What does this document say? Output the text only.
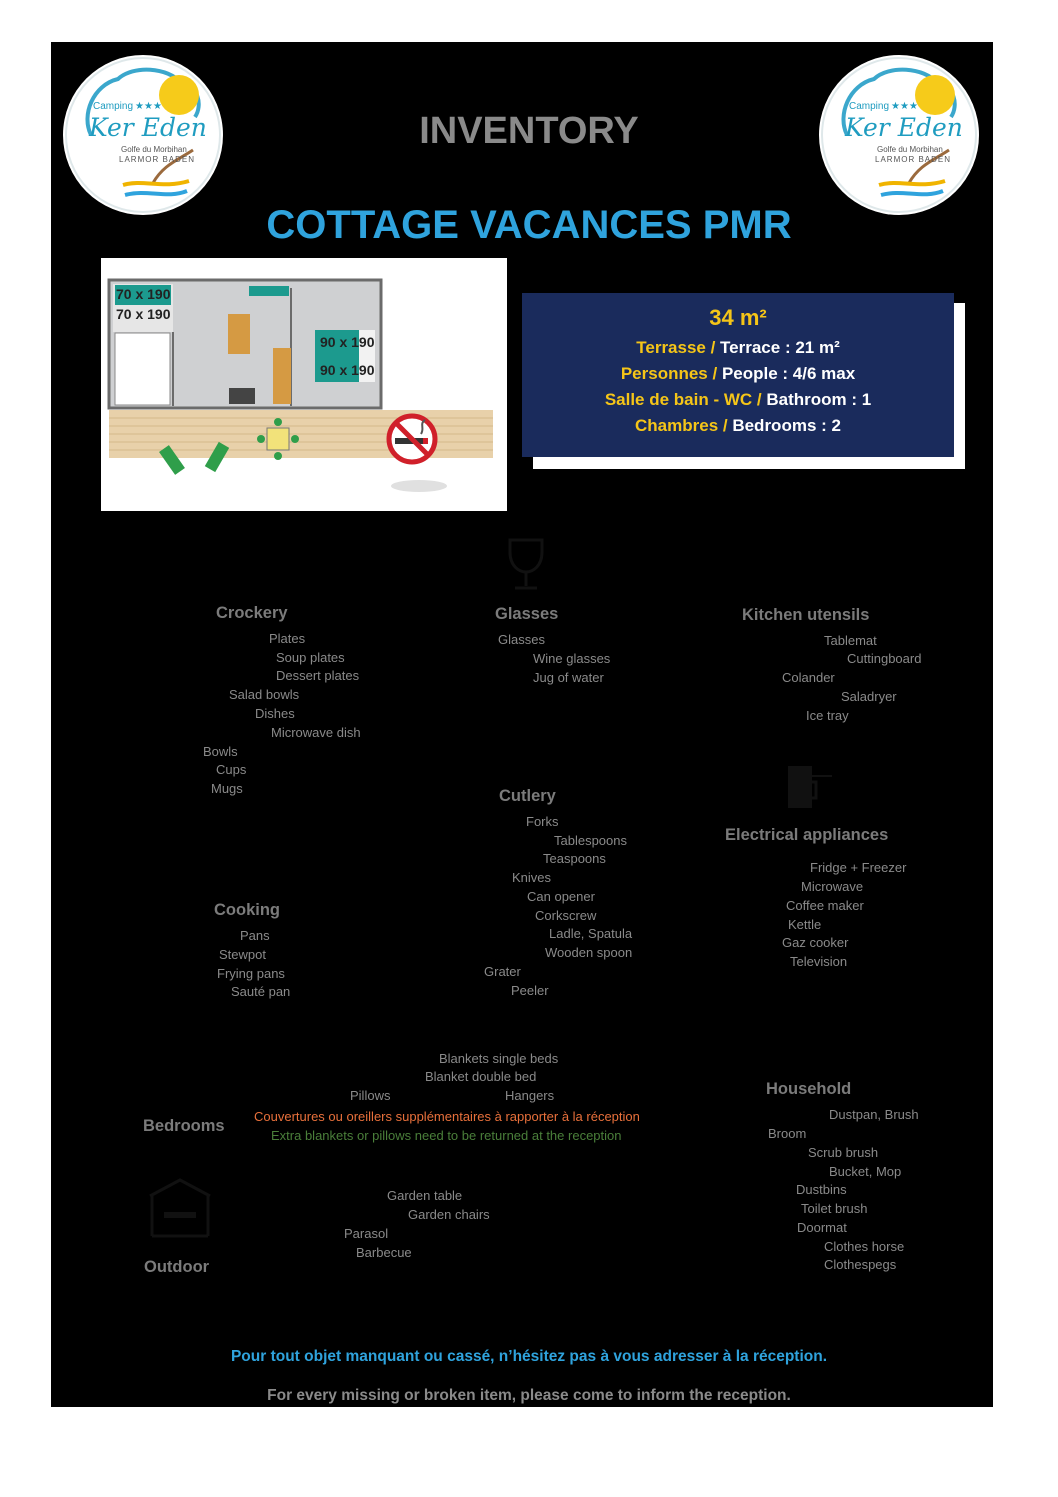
Camping ★★★
Ker Eden
Golfe du Morbihan
LARMOR BADEN
Camping ★★★
Ker Eden
Golfe du Morbihan
LARMOR BADEN
INVENTORY
COTTAGE VACANCES PMR
70 x 190
70 x 190
90 x 190
90 x 190
34 m²
Terrasse / Terrace : 21 m²
Personnes / People : 4/6 max
Salle de bain - WC / Bathroom : 1
Chambres / Bedrooms : 2
Crockery
Plates
Soup plates
Dessert plates
Salad bowls
Dishes
Microwave dish
Bowls
Cups
Mugs
Glasses
Glasses
Wine glasses
Jug of water
Kitchen utensils
Tablemat
Cuttingboard
Colander
Saladryer
Ice tray
Cutlery
Forks
Tablespoons
Teaspoons
Knives
Can opener
Corkscrew
Ladle, Spatula
Wooden spoon
Grater
Peeler
Electrical appliances
Fridge + Freezer
Microwave
Coffee maker
Kettle
Gaz cooker
Television
Cooking
Pans
Stewpot
Frying pans
Sauté pan
Bedrooms
Blankets single beds
Blanket double bed
Pillows	Hangers
Couvertures ou oreillers supplémentaires à rapporter à la réception
Extra blankets or pillows need to be returned at the reception
Household
Dustpan, Brush
Broom
Scrub brush
Bucket, Mop
Dustbins
Toilet brush
Doormat
Clothes horse
Clothespegs
Outdoor
Garden table
Garden chairs
Parasol
Barbecue
Pour tout objet manquant ou cassé, n’hésitez pas à vous adresser à la réception.
For every missing or broken item, please come to inform the reception.
